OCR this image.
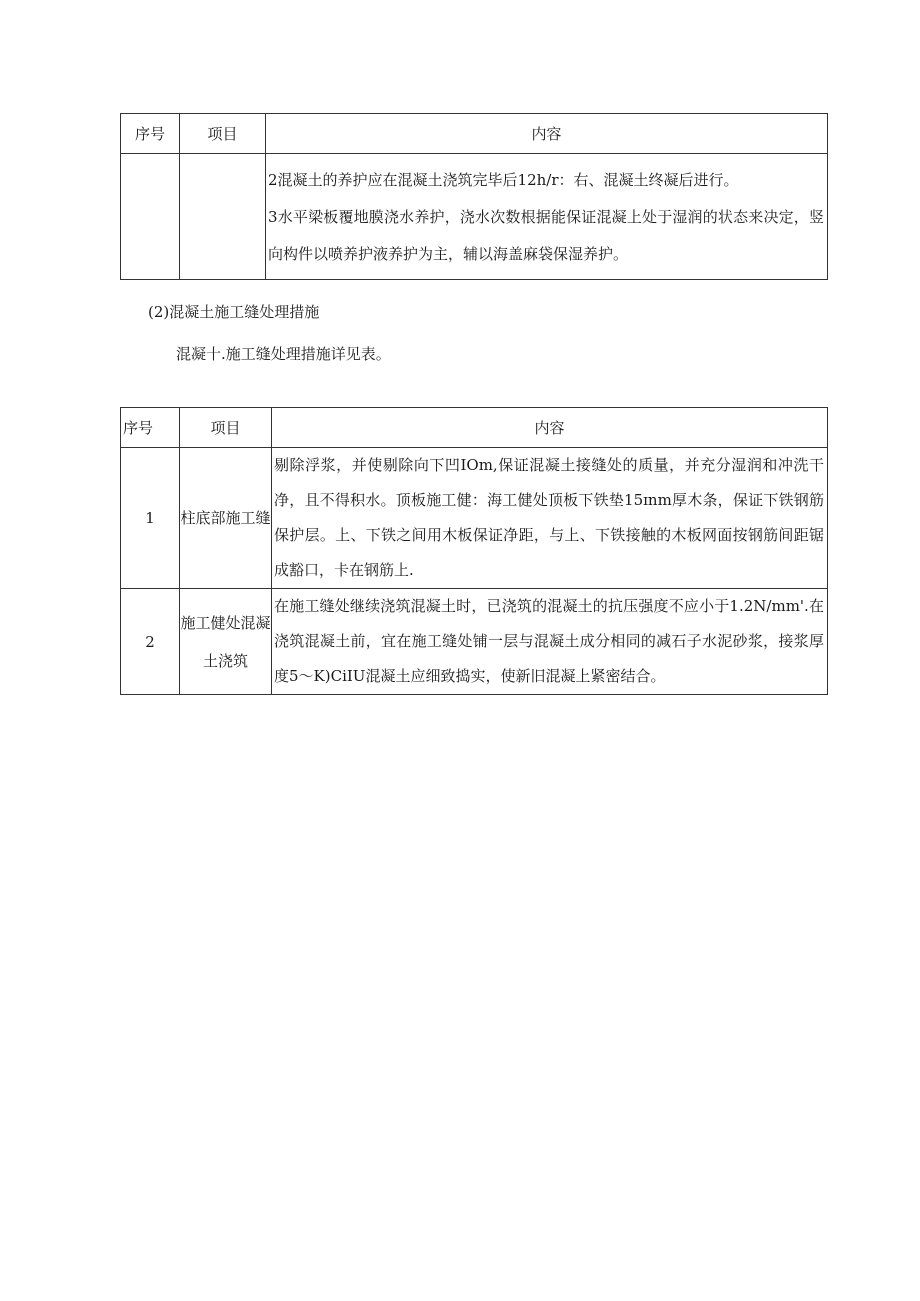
序号	项目	内容

		2混凝土的养护应在混凝土浇筑完毕后12h/r：右、混凝土终凝后进行。
3水平梁板覆地膜浇水养护，浇水次数根据能保证混凝上处于湿润的状态来决定，竖向构件以喷养护液养护为主，辅以海盖麻袋保湿养护。
(2)混凝土施工缝处理措施
混凝十.施工缝处理措施详见表。
序号	项目	内容
1	柱底部施工缝	剔除浮浆，并使剔除向下凹IOm,保证混凝土接缝处的质量，并充分湿润和冲洗干净，且不得积水。顶板施工健：海工健处顶板下铁垫15ɪnm厚木条，保证下铁钢筋保护层。上、下铁之间用木板保证净距，与上、下铁接触的木板网面按钢筋间距锯成豁口，卡在钢筋上.
2	施工健处混凝土浇筑	在施工缝处继续浇筑混凝土时，已浇筑的混凝土的抗压强度不应小于1.2N/mm'.在浇筑混凝土前，宜在施工缝处铺一层与混凝土成分相同的减石子水泥砂浆，接浆厚度5～K)CiIU混凝土应细致捣实，使新旧混凝上紧密结合。
